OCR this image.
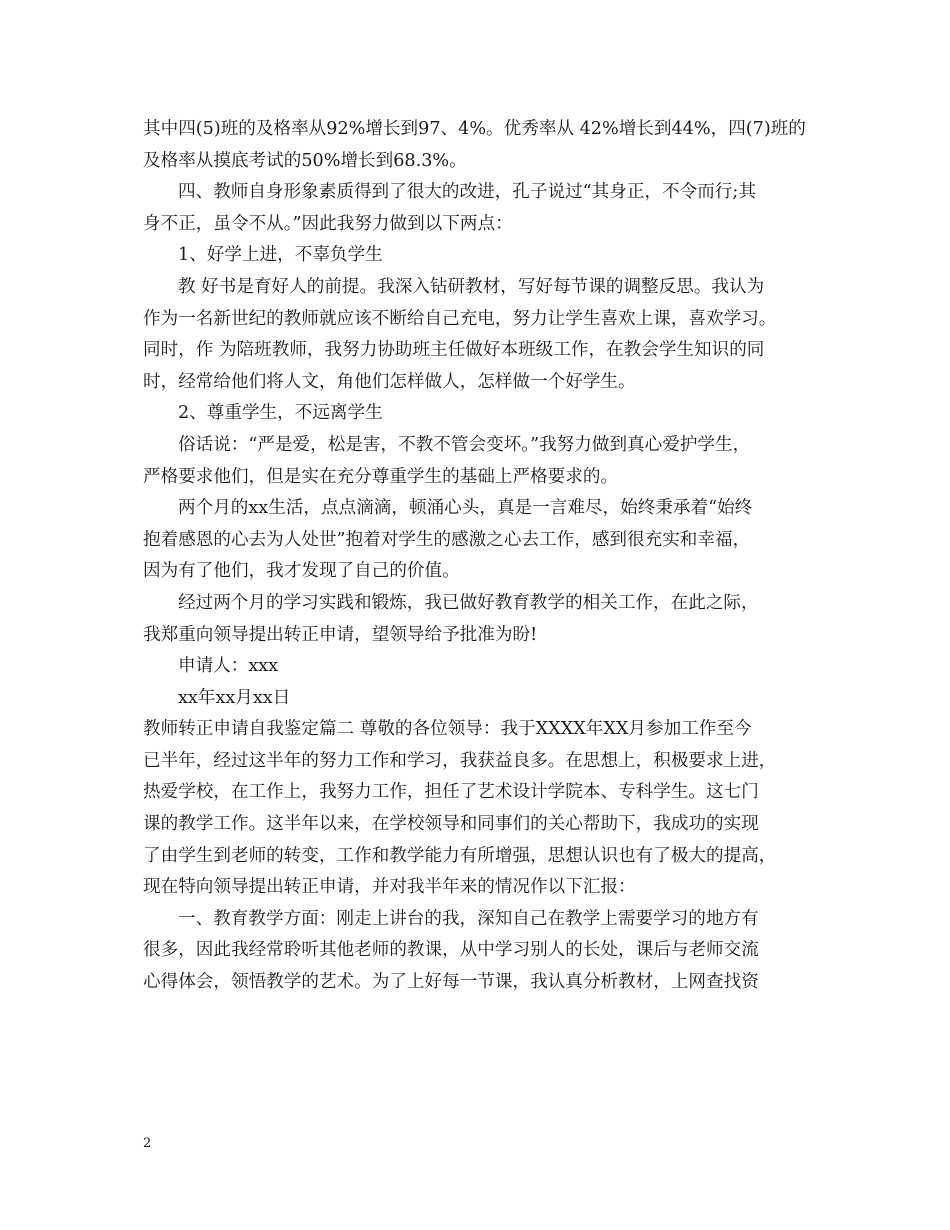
其中四(5)班的及格率从92%增长到97、4%。优秀率从 42%增长到44%，四(7)班的
及格率从摸底考试的50%增长到68.3%。
四、教师自身形象素质得到了很大的改进，孔子说过“其身正，不令而行;其
身不正，虽令不从。”因此我努力做到以下两点：
1、好学上进，不辜负学生
教 好书是育好人的前提。我深入钻研教材，写好每节课的调整反思。我认为
作为一名新世纪的教师就应该不断给自己充电，努力让学生喜欢上课，喜欢学习。
同时，作 为陪班教师，我努力协助班主任做好本班级工作，在教会学生知识的同
时，经常给他们将人文，角他们怎样做人，怎样做一个好学生。
2、尊重学生，不远离学生
俗话说：“严是爱，松是害，不教不管会变坏。”我努力做到真心爱护学生，
严格要求他们，但是实在充分尊重学生的基础上严格要求的。
两个月的xx生活，点点滴滴，顿涌心头，真是一言难尽，始终秉承着“始终
抱着感恩的心去为人处世”抱着对学生的感激之心去工作，感到很充实和幸福，
因为有了他们，我才发现了自己的价值。
经过两个月的学习实践和锻炼，我已做好教育教学的相关工作，在此之际，
我郑重向领导提出转正申请，望领导给予批准为盼!
申请人：xxx
xx年xx月xx日
教师转正申请自我鉴定篇二 尊敬的各位领导：我于XXXX年XX月参加工作至今
已半年，经过这半年的努力工作和学习，我获益良多。在思想上，积极要求上进，
热爱学校，在工作上，我努力工作，担任了艺术设计学院本、专科学生。这七门
课的教学工作。这半年以来，在学校领导和同事们的关心帮助下，我成功的实现
了由学生到老师的转变，工作和教学能力有所增强，思想认识也有了极大的提高，
现在特向领导提出转正申请，并对我半年来的情况作以下汇报：
一、教育教学方面：刚走上讲台的我，深知自己在教学上需要学习的地方有
很多，因此我经常聆听其他老师的教课，从中学习别人的长处，课后与老师交流
心得体会，领悟教学的艺术。为了上好每一节课，我认真分析教材，上网查找资
2
